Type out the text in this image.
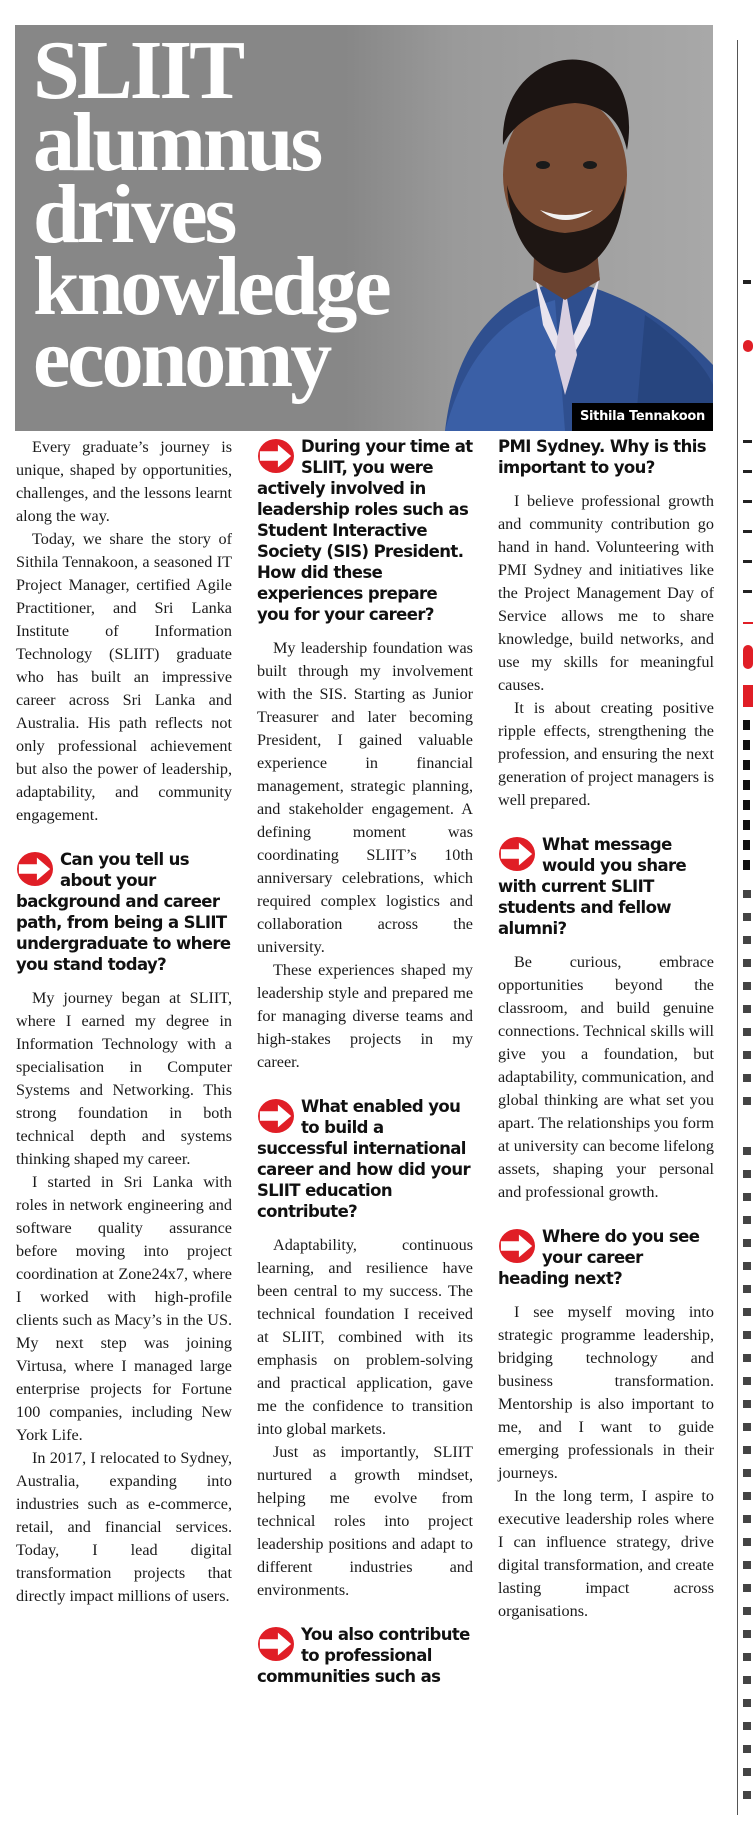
SLIIT
alumnus
drives
knowledge
economy
Sithila Tennakoon

Every graduate’s journey is unique, shaped by opportunities, challenges, and the lessons learnt along the way.

Today, we share the story of Sithila Tennakoon, a seasoned IT Project Manager, certified Agile Practitioner, and Sri Lanka Institute of Information Technology (SLIIT) graduate who has built an impressive career across Sri Lanka and Australia. His path reflects not only professional achievement but also the power of leadership, adaptability, and community engagement.

Can you tell us about your background and career path, from being a SLIIT undergraduate to where you stand today?

My journey began at SLIIT, where I earned my degree in Information Technology with a specialisation in Computer Systems and Networking. This strong foundation in both technical depth and systems thinking shaped my career.

I started in Sri Lanka with roles in network engineering and software quality assurance before moving into project coordination at Zone24x7, where I worked with high-profile clients such as Macy’s in the US. My next step was joining Virtusa, where I managed large enterprise projects for Fortune 100 companies, including New York Life.

In 2017, I relocated to Sydney, Australia, expanding into industries such as e-commerce, retail, and financial services. Today, I lead digital transformation projects that directly impact millions of users.

During your time at SLIIT, you were actively involved in leadership roles such as Student Interactive Society (SIS) President. How did these experiences prepare you for your career?

My leadership foundation was built through my involvement with the SIS. Starting as Junior Treasurer and later becoming President, I gained valuable experience in financial management, strategic planning, and stakeholder engagement. A defining moment was coordinating SLIIT’s 10th anniversary celebrations, which required complex logistics and collaboration across the university.

These experiences shaped my leadership style and prepared me for managing diverse teams and high-stakes projects in my career.

What enabled you to build a successful international career and how did your SLIIT education contribute?

Adaptability, continuous learning, and resilience have been central to my success. The technical foundation I received at SLIIT, combined with its emphasis on problem-solving and practical application, gave me the confidence to transition into global markets.

Just as importantly, SLIIT nurtured a growth mindset, helping me evolve from technical roles into project leadership positions and adapt to different industries and environments.

You also contribute to professional communities such as
PMI Sydney. Why is this important to you?

I believe professional growth and community contribution go hand in hand. Volunteering with PMI Sydney and initiatives like the Project Management Day of Service allows me to share knowledge, build networks, and use my skills for meaningful causes.

It is about creating positive ripple effects, strengthening the profession, and ensuring the next generation of project managers is well prepared.

What message would you share with current SLIIT students and fellow alumni?

Be curious, embrace opportunities beyond the classroom, and build genuine connections. Technical skills will give you a foundation, but adaptability, communication, and global thinking are what set you apart. The relationships you form at university can become lifelong assets, shaping your personal and professional growth.

Where do you see your career heading next?

I see myself moving into strategic programme leadership, bridging technology and business transformation. Mentorship is also important to me, and I want to guide emerging professionals in their journeys.

In the long term, I aspire to executive leadership roles where I can influence strategy, drive digital transformation, and create lasting impact across organisations.
